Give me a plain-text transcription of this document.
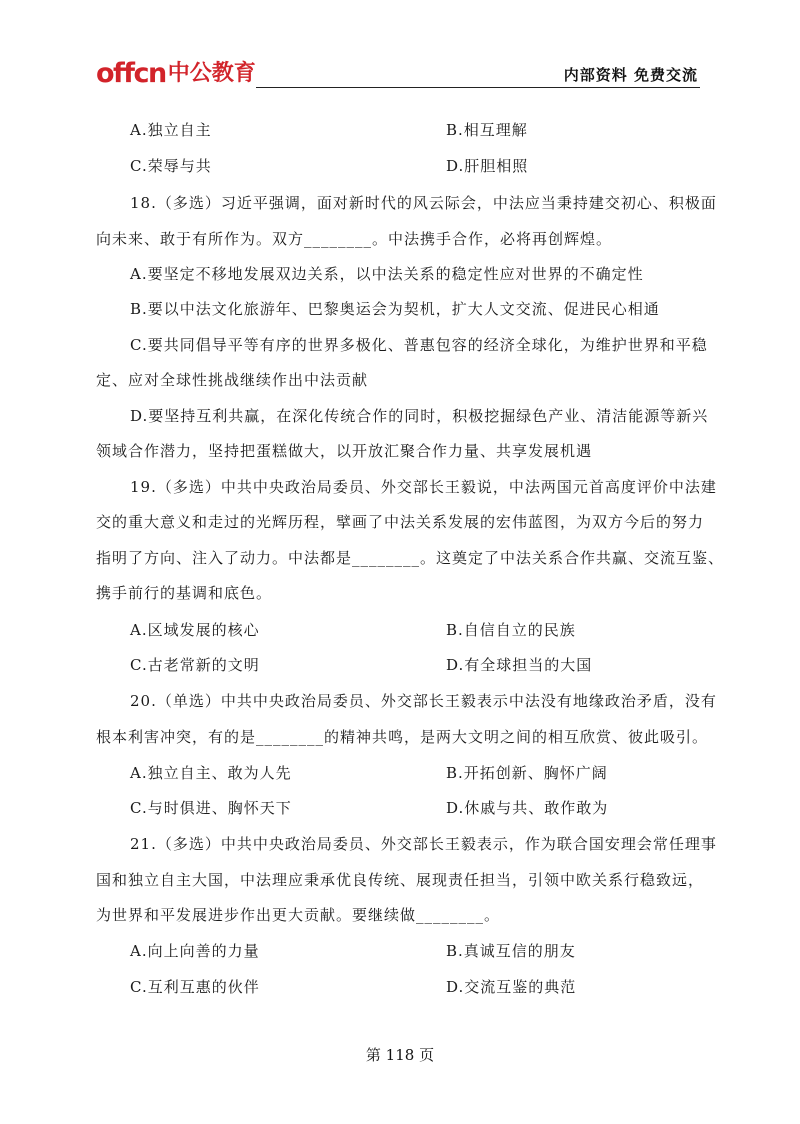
offcn 中公教育	内部资料 免费交流
A.独立自主	B.相互理解
C.荣辱与共	D.肝胆相照
18.（多选）习近平强调，面对新时代的风云际会，中法应当秉持建交初心、积极面
向未来、敢于有所作为。双方________。中法携手合作，必将再创辉煌。
A.要坚定不移地发展双边关系，以中法关系的稳定性应对世界的不确定性
B.要以中法文化旅游年、巴黎奥运会为契机，扩大人文交流、促进民心相通
C.要共同倡导平等有序的世界多极化、普惠包容的经济全球化，为维护世界和平稳
定、应对全球性挑战继续作出中法贡献
D.要坚持互利共赢，在深化传统合作的同时，积极挖掘绿色产业、清洁能源等新兴
领域合作潜力，坚持把蛋糕做大，以开放汇聚合作力量、共享发展机遇
19.（多选）中共中央政治局委员、外交部长王毅说，中法两国元首高度评价中法建
交的重大意义和走过的光辉历程，擘画了中法关系发展的宏伟蓝图，为双方今后的努力
指明了方向、注入了动力。中法都是________。这奠定了中法关系合作共赢、交流互鉴、
携手前行的基调和底色。
A.区域发展的核心	B.自信自立的民族
C.古老常新的文明	D.有全球担当的大国
20.（单选）中共中央政治局委员、外交部长王毅表示中法没有地缘政治矛盾，没有
根本利害冲突，有的是________的精神共鸣，是两大文明之间的相互欣赏、彼此吸引。
A.独立自主、敢为人先	B.开拓创新、胸怀广阔
C.与时俱进、胸怀天下	D.休戚与共、敢作敢为
21.（多选）中共中央政治局委员、外交部长王毅表示，作为联合国安理会常任理事
国和独立自主大国，中法理应秉承优良传统、展现责任担当，引领中欧关系行稳致远，
为世界和平发展进步作出更大贡献。要继续做________。
A.向上向善的力量	B.真诚互信的朋友
C.互利互惠的伙伴	D.交流互鉴的典范
第 118 页
